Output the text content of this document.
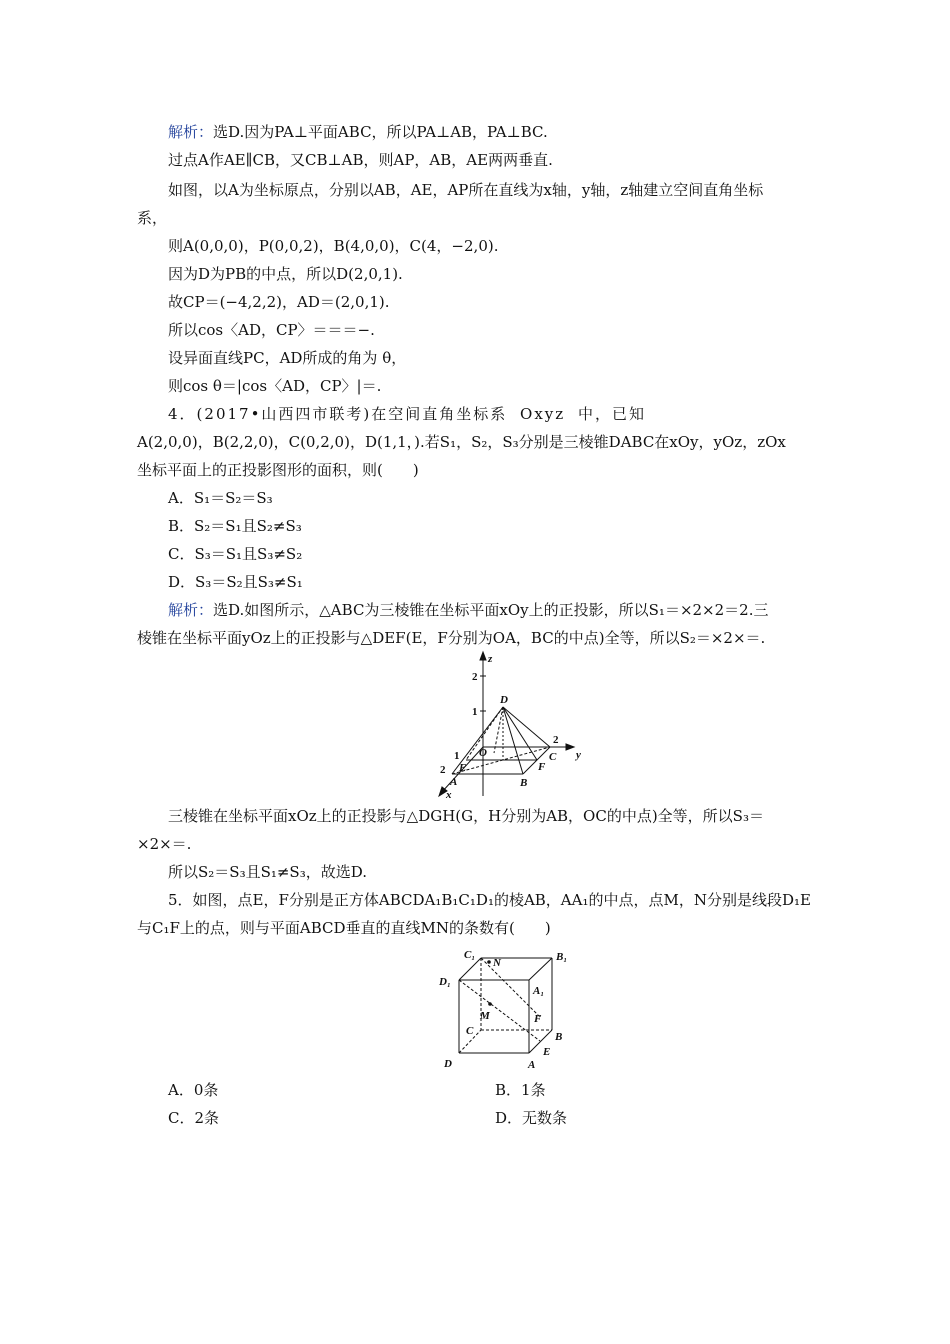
解析：选D.因为PA⊥平面ABC，所以PA⊥AB，PA⊥BC.
过点A作AE∥CB，又CB⊥AB，则AP，AB，AE两两垂直.
如图，以A为坐标原点，分别以AB，AE，AP所在直线为x轴，y轴，z轴建立空间直角坐标
系，
则A(0,0,0)，P(0,0,2)，B(4,0,0)，C(4，−2,0).
因为D为PB的中点，所以D(2,0,1).
故CP＝(−4,2,2)，AD＝(2,0,1).
所以cos〈AD，CP〉＝＝＝−.
设异面直线PC，AD所成的角为 θ，
则cos θ＝|cos〈AD，CP〉|＝.
4．(2017•山西四市联考)在空间直角坐标系 Oxyz 中，已知
A(2,0,0)，B(2,2,0)，C(0,2,0)，D(1,1，).若S₁，S₂，S₃分别是三棱锥DABC在xOy，yOz，zOx
坐标平面上的正投影图形的面积，则(　　)
A．S₁＝S₂＝S₃
B．S₂＝S₁且S₂≠S₃
C．S₃＝S₁且S₃≠S₂
D．S₃＝S₂且S₃≠S₁
解析：选D.如图所示，△ABC为三棱锥在坐标平面xOy上的正投影，所以S₁＝×2×2＝2.三
棱锥在坐标平面yOz上的正投影与△DEF(E，F分别为OA，BC的中点)全等，所以S₂＝×2×＝.
z
y
x
D
O	C
F
E
A	B
2
1
1
2
2
三棱锥在坐标平面xOz上的正投影与△DGH(G，H分别为AB，OC的中点)全等，所以S₃＝
×2×＝.
所以S₂＝S₃且S₁≠S₃，故选D.
5．如图，点E，F分别是正方体ABCDA₁B₁C₁D₁的棱AB，AA₁的中点，点M，N分别是线段D₁E
与C₁F上的点，则与平面ABCD垂直的直线MN的条数有(　　)
C₁	B₁
D₁
A₁
N
M	F
C	B
E
D	A
A．0条	B．1条
C．2条	D．无数条
